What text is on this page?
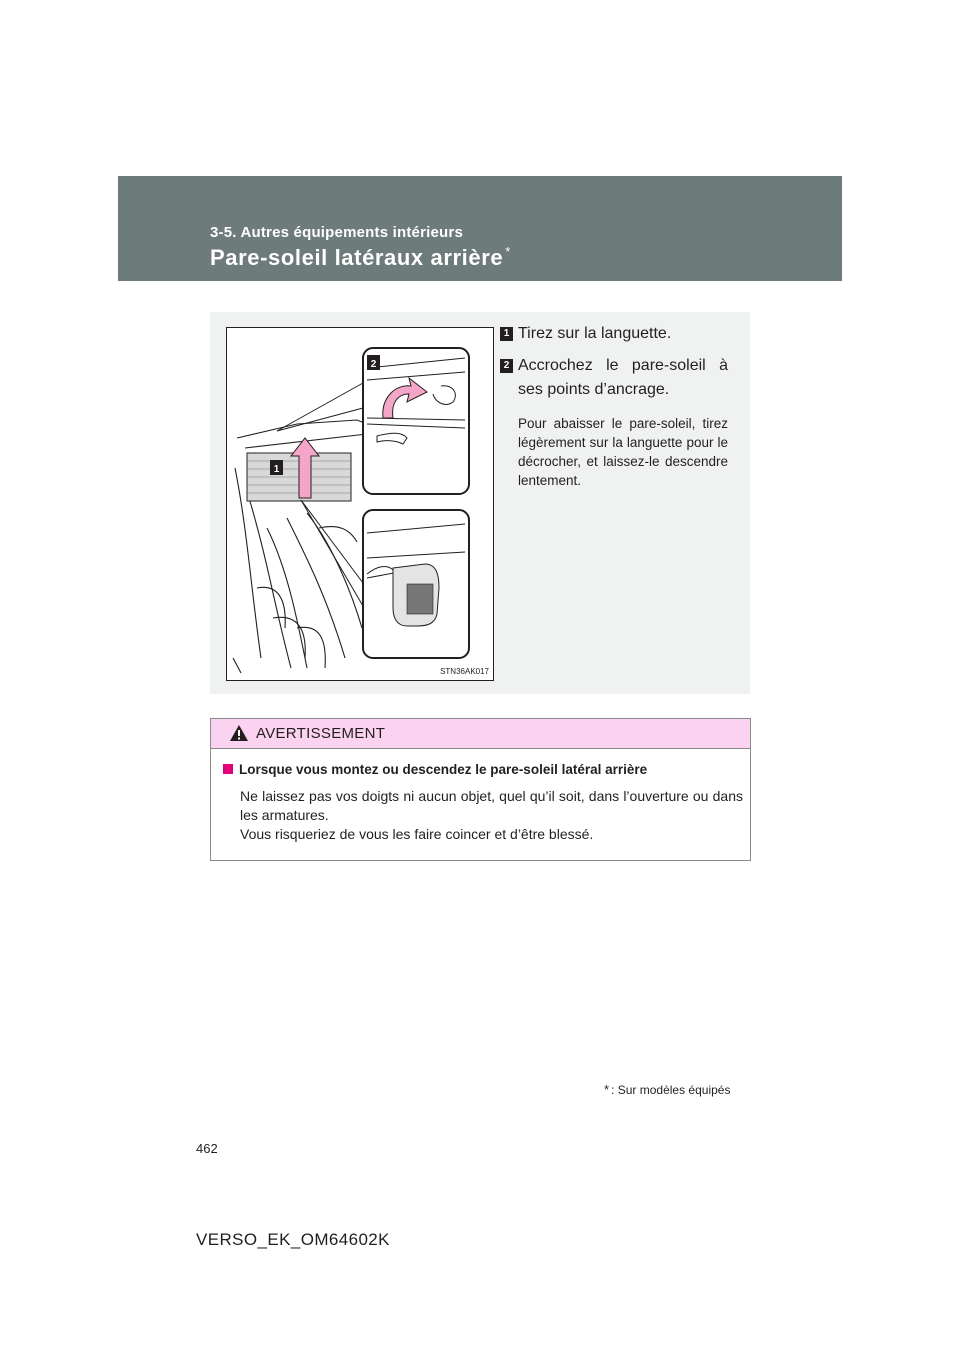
3-5. Autres équipements intérieurs
Pare-soleil latéraux arrière *
1
2
STN36AK017
1 Tirez sur la languette.
2 Accrochez le pare-soleil à ses points d’ancrage.
Pour abaisser le pare-soleil, tirez légèrement sur la languette pour le décrocher, et laissez-le descendre lentement.
AVERTISSEMENT
Lorsque vous montez ou descendez le pare-soleil latéral arrière
Ne laissez pas vos doigts ni aucun objet, quel qu’il soit, dans l’ouverture ou dans les armatures.
Vous risqueriez de vous les faire coincer et d’être blessé.
* : Sur modèles équipés
462
VERSO_EK_OM64602K
